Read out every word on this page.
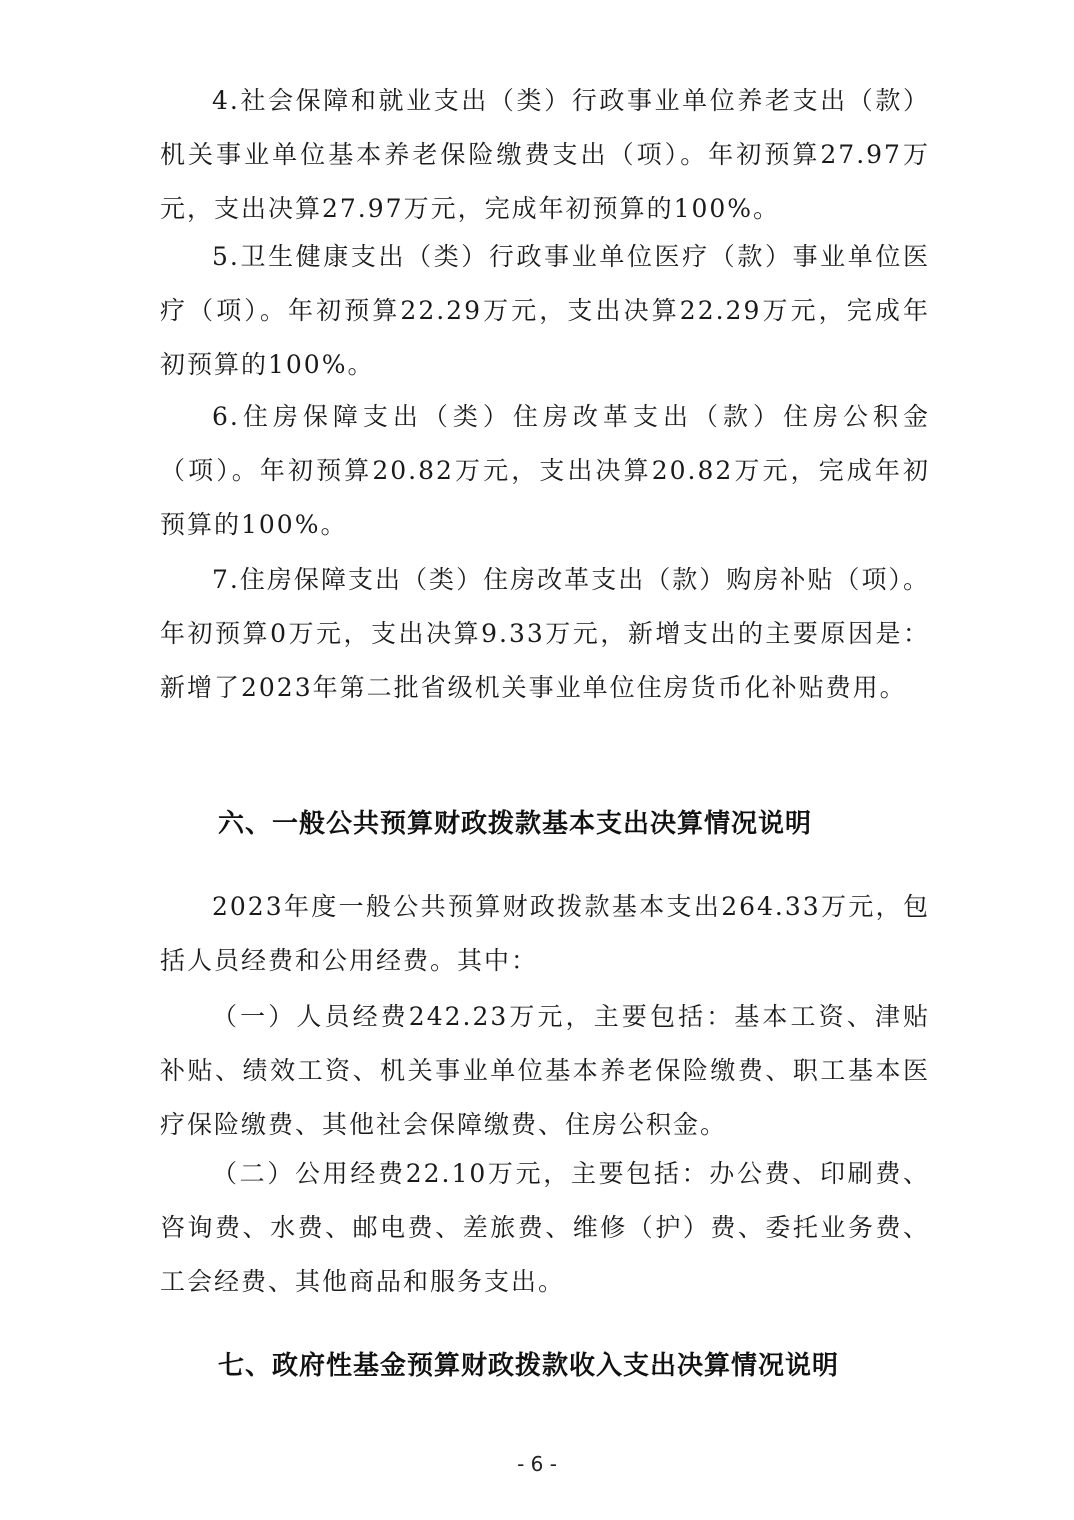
4.社会保障和就业支出（类）行政事业单位养老支出（款）机关事业单位基本养老保险缴费支出（项）。年初预算27.97万元，支出决算27.97万元，完成年初预算的100%。

5.卫生健康支出（类）行政事业单位医疗（款）事业单位医疗（项）。年初预算22.29万元，支出决算22.29万元，完成年初预算的100%。

6.住房保障支出（类）住房改革支出（款）住房公积金（项）。年初预算20.82万元，支出决算20.82万元，完成年初预算的100%。

7.住房保障支出（类）住房改革支出（款）购房补贴（项）。年初预算0万元，支出决算9.33万元，新增支出的主要原因是：新增了2023年第二批省级机关事业单位住房货币化补贴费用。

六、一般公共预算财政拨款基本支出决算情况说明

2023年度一般公共预算财政拨款基本支出264.33万元，包括人员经费和公用经费。其中：

（一）人员经费242.23万元，主要包括：基本工资、津贴补贴、绩效工资、机关事业单位基本养老保险缴费、职工基本医疗保险缴费、其他社会保障缴费、住房公积金。

（二）公用经费22.10万元，主要包括：办公费、印刷费、咨询费、水费、邮电费、差旅费、维修（护）费、委托业务费、工会经费、其他商品和服务支出。

七、政府性基金预算财政拨款收入支出决算情况说明

- 6 -
